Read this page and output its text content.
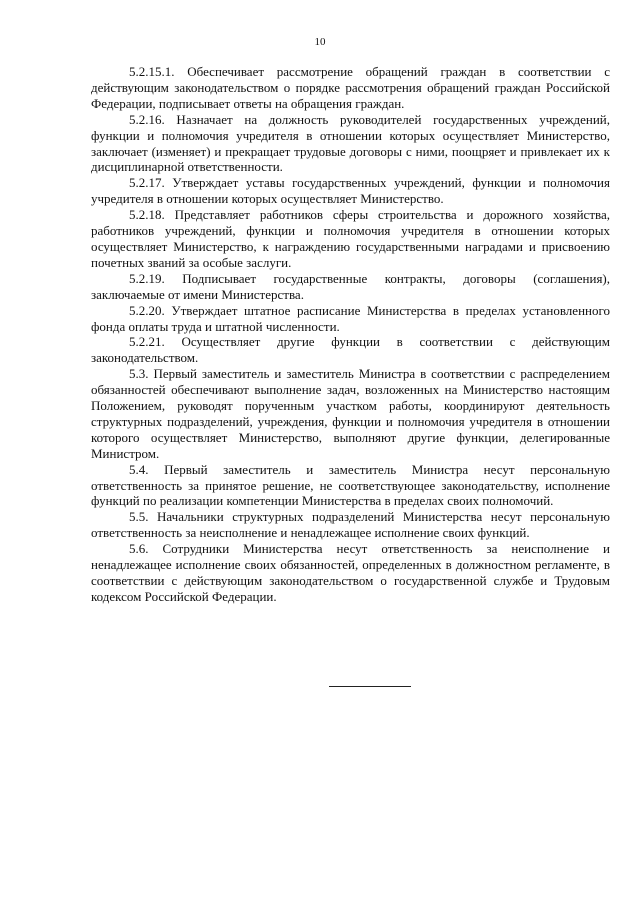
10

5.2.15.1. Обеспечивает рассмотрение обращений граждан в соответствии с действующим законодательством о порядке рассмотрения обращений граждан Российской Федерации, подписывает ответы на обращения граждан.

5.2.16. Назначает на должность руководителей государственных учреждений, функции и полномочия учредителя в отношении которых осуществляет Министерство, заключает (изменяет) и прекращает трудовые договоры с ними, поощряет и привлекает их к дисциплинарной ответственности.

5.2.17. Утверждает уставы государственных учреждений, функции и полномочия учредителя в отношении которых осуществляет Министерство.

5.2.18. Представляет работников сферы строительства и дорожного хозяйства, работников учреждений, функции и полномочия учредителя в отношении которых осуществляет Министерство, к награждению государственными наградами и присвоению почетных званий за особые заслуги.

5.2.19. Подписывает государственные контракты, договоры (соглашения), заключаемые от имени Министерства.

5.2.20. Утверждает штатное расписание Министерства в пределах установленного фонда оплаты труда и штатной численности.

5.2.21. Осуществляет другие функции в соответствии с действующим законодательством.

5.3. Первый заместитель и заместитель Министра в соответствии с распределением обязанностей обеспечивают выполнение задач, возложенных на Министерство настоящим Положением, руководят порученным участком работы, координируют деятельность структурных подразделений, учреждения, функции и полномочия учредителя в отношении которого осуществляет Министерство, выполняют другие функции, делегированные Министром.

5.4. Первый заместитель и заместитель Министра несут персональную ответственность за принятое решение, не соответствующее законодательству, исполнение функций по реализации компетенции Министерства в пределах своих полномочий.

5.5. Начальники структурных подразделений Министерства несут персональную ответственность за неисполнение и ненадлежащее исполнение своих функций.

5.6. Сотрудники Министерства несут ответственность за неисполнение и ненадлежащее исполнение своих обязанностей, определенных в должностном регламенте, в соответствии с действующим законодательством о государственной службе и Трудовым кодексом Российской Федерации.
